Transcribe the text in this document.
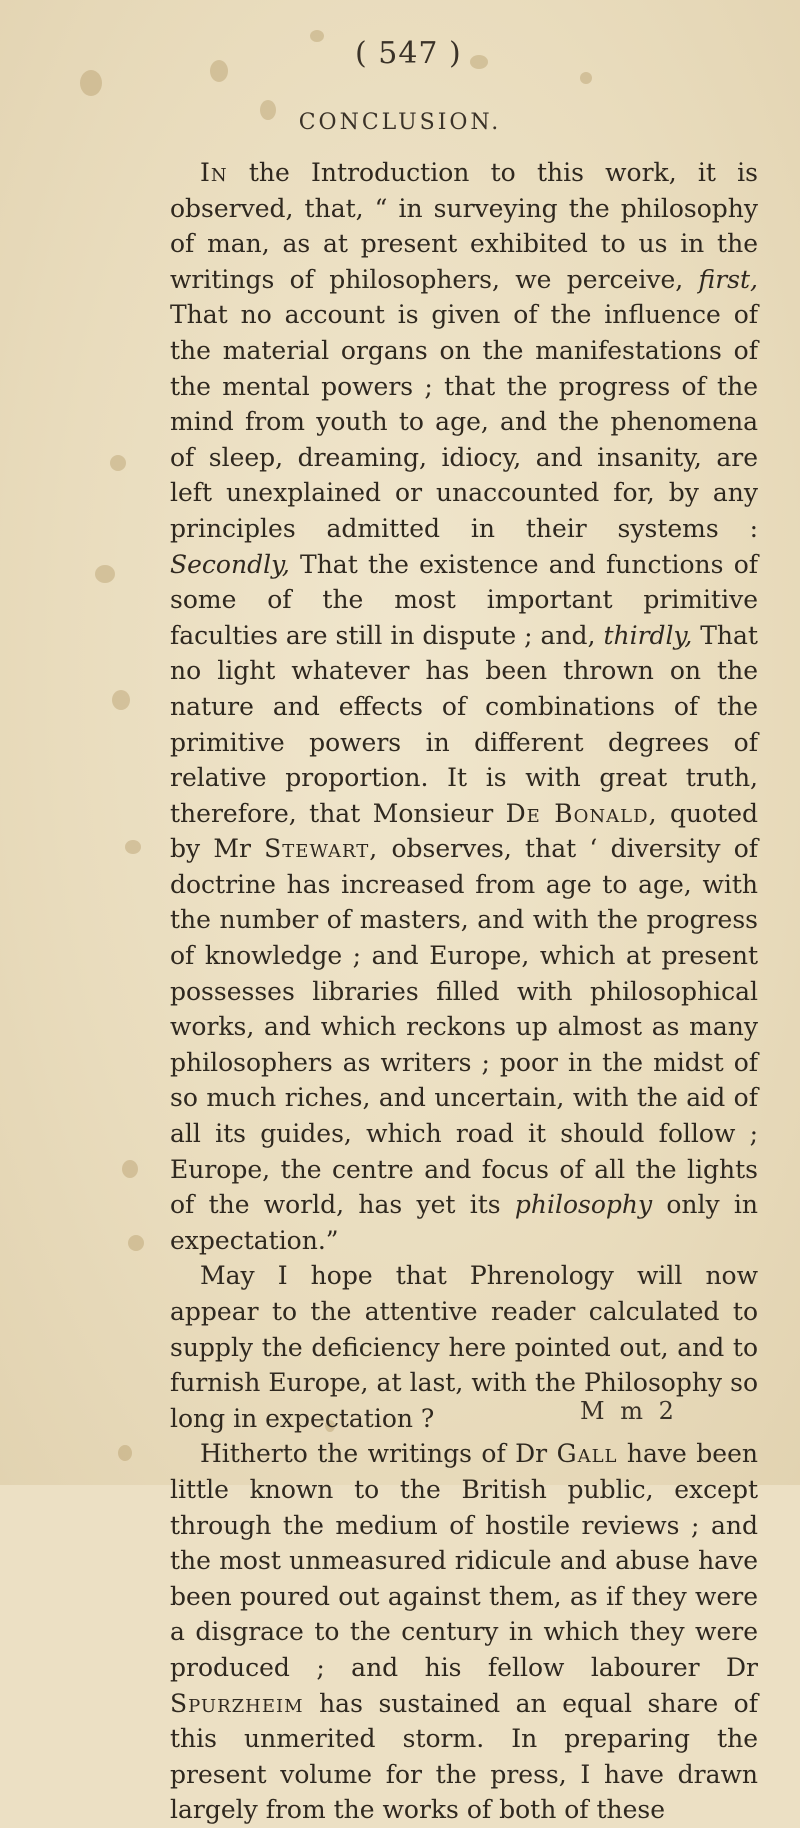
( 547 )
CONCLUSION.

In the Introduction to this work, it is observed, that, “ in surveying the philosophy of man, as at present exhibited to us in the writings of philosophers, we perceive, first, That no account is given of the influence of the material organs on the manifestations of the mental powers ; that the progress of the mind from youth to age, and the phenomena of sleep, dreaming, idiocy, and insanity, are left unexplained or unaccounted for, by any principles admitted in their systems : Secondly, That the existence and functions of some of the most important primitive faculties are still in dispute ; and, thirdly, That no light whatever has been thrown on the nature and effects of combinations of the primitive powers in different degrees of relative proportion. It is with great truth, therefore, that Monsieur De Bonald, quoted by Mr Stewart, observes, that ‘ diversity of doctrine has increased from age to age, with the number of masters, and with the progress of knowledge ; and Europe, which at present possesses libraries filled with philosophical works, and which reckons up almost as many philosophers as writers ; poor in the midst of so much riches, and uncertain, with the aid of all its guides, which road it should follow ; Europe, the centre and focus of all the lights of the world, has yet its philosophy only in expectation.”

May I hope that Phrenology will now appear to the attentive reader calculated to supply the deficiency here pointed out, and to furnish Europe, at last, with the Philosophy so long in expectation ?

Hitherto the writings of Dr Gall have been little known to the British public, except through the medium of hostile reviews ; and the most unmeasured ridicule and abuse have been poured out against them, as if they were a disgrace to the century in which they were produced ; and his fellow labourer Dr Spurzheim has sustained an equal share of this unmerited storm. In preparing the present volume for the press, I have drawn largely from the works of both of these

M m 2
